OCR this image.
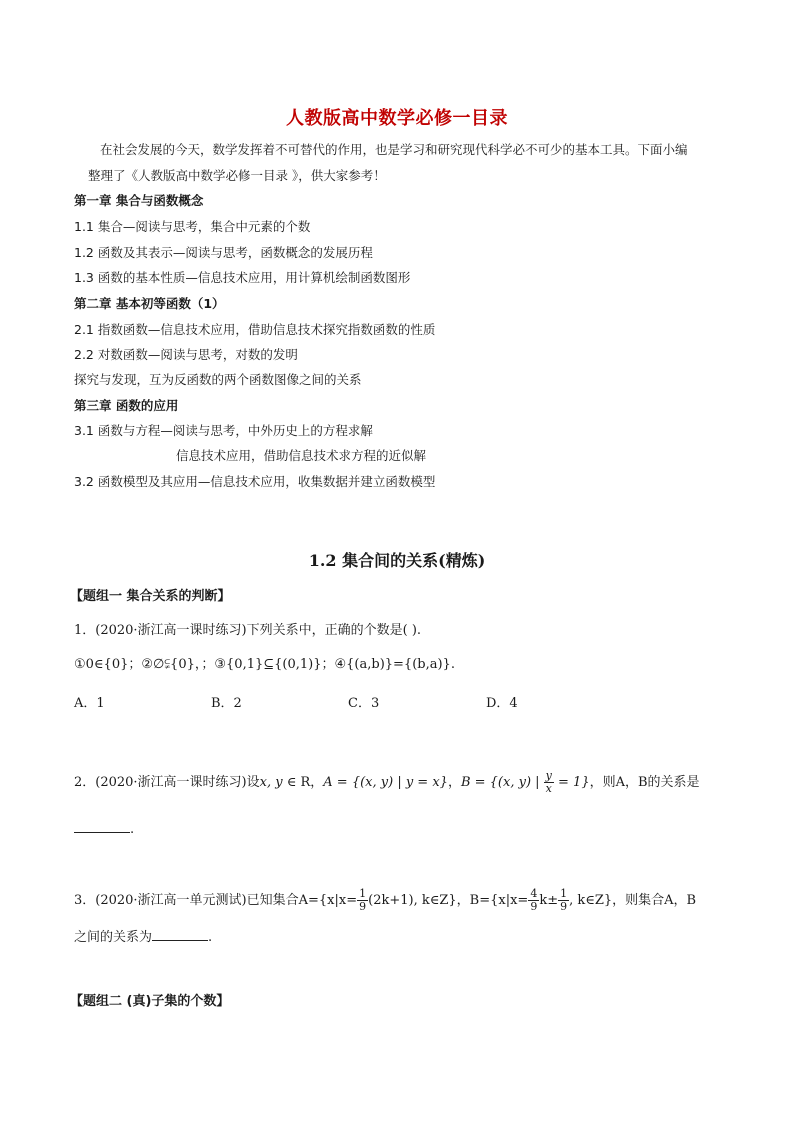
人教版高中数学必修一目录
在社会发展的今天，数学发挥着不可替代的作用，也是学习和研究现代科学必不可少的基本工具。下面小编
整理了《人教版高中数学必修一目录 》，供大家参考！
第一章 集合与函数概念
1.1 集合—阅读与思考，集合中元素的个数
1.2 函数及其表示—阅读与思考，函数概念的发展历程
1.3 函数的基本性质—信息技术应用，用计算机绘制函数图形
第二章 基本初等函数（1）
2.1 指数函数—信息技术应用，借助信息技术探究指数函数的性质
2.2 对数函数—阅读与思考，对数的发明
探究与发现，互为反函数的两个函数图像之间的关系
第三章 函数的应用
3.1 函数与方程—阅读与思考，中外历史上的方程求解
信息技术应用，借助信息技术求方程的近似解
3.2 函数模型及其应用—信息技术应用，收集数据并建立函数模型
1.2 集合间的关系(精炼)
【题组一 集合关系的判断】
1．(2020·浙江高一课时练习)下列关系中，正确的个数是( ).
①0∈{0}；②∅⫋{0}，；③{0,1}⊆{(0,1)}；④{(a,b)}={(b,a)}.
A．1	B．2	C．3	D．4
2．(2020·浙江高一课时练习)设x, y ∈ R，A = {(x, y) | y = x}，B = {(x, y) | $\frac{y}{x} = 1$}，则A，B的关系是
.
3．(2020·浙江高一单元测试)已知集合$A=\{x|x= \frac{1}{9} (2k+1)$, k∈Z}，$B=\{x|x= \frac{4}{9} k\pm \frac{1}{9}$ , k∈Z}，则集合A，B
之间的关系为	.
【题组二 (真)子集的个数】
